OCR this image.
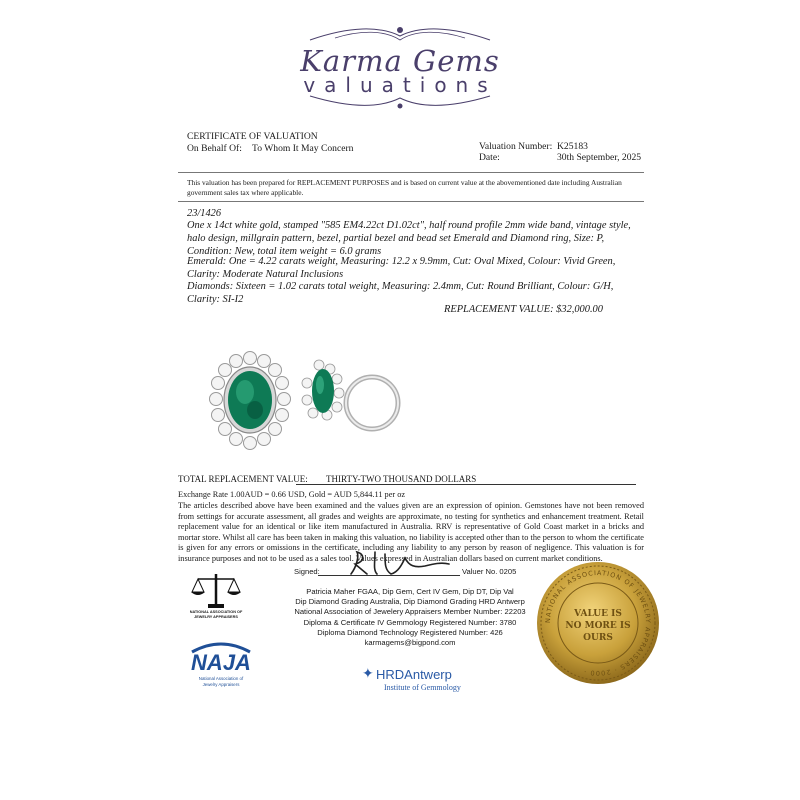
Karma Gems
valuations
CERTIFICATE OF VALUATION
On Behalf Of: To Whom It May Concern	Valuation Number: K25183
Date:	30th September, 2025
This valuation has been prepared for REPLACEMENT PURPOSES and is based on current value at the abovementioned date including Australian government sales tax where applicable.
23/1426
One x 14ct white gold, stamped "585 EM4.22ct D1.02ct", half round profile 2mm wide band, vintage style, halo design, millgrain pattern, bezel, partial bezel and bead set Emerald and Diamond ring, Size: P, Condition: New, total item weight = 6.0 grams
Emerald: One = 4.22 carats weight, Measuring: 12.2 x 9.9mm, Cut: Oval Mixed, Colour: Vivid Green, Clarity: Moderate Natural Inclusions
Diamonds: Sixteen = 1.02 carats total weight, Measuring: 2.4mm, Cut: Round Brilliant, Colour: G/H, Clarity: SI-I2
REPLACEMENT VALUE: $32,000.00
TOTAL REPLACEMENT VALUE: THIRTY-TWO THOUSAND DOLLARS
Exchange Rate 1.00AUD = 0.66 USD, Gold = AUD 5,844.11 per oz
The articles described above have been examined and the values given are an expression of opinion. Gemstones have not been removed from settings for accurate assessment, all grades and weights are approximate, no testing for synthetics and enhancement treatment. Retail replacement value for an identical or like item manufactured in Australia. RRV is representative of Gold Coast market in a bricks and mortar store. Whilst all care has been taken in making this valuation, no liability is accepted other than to the person to whom the certificate is given for any errors or omissions in the certificate, including any liability to any person by reason of negligence. This valuation is for insurance purposes and not to be used as a sales tool. Values expressed in Australian dollars based on current market conditions.
Signed:	Valuer No. 0205
Patricia Maher FGAA, Dip Gem, Cert IV Gem, Dip DT, Dip Val
Dip Diamond Grading Australia, Dip Diamond Grading HRD Antwerp
National Association of Jewelery Appraisers Member Number: 22203
Diploma & Certificate IV Gemmology Registered Number: 3780
Diploma Diamond Technology Registered Number: 426
karmagems@bigpond.com
NATIONAL ASSOCIATION OF
JEWELRY APPRAISERS
NAJA
National Association of
Jewelry Appraisers
✦ HRDAntwerp
Institute of Gemmology
NATIONAL ASSOCIATION OF JEWELRY APPRAISERS · 2000 ·
VALUE IS
NO MORE IS
OURS
